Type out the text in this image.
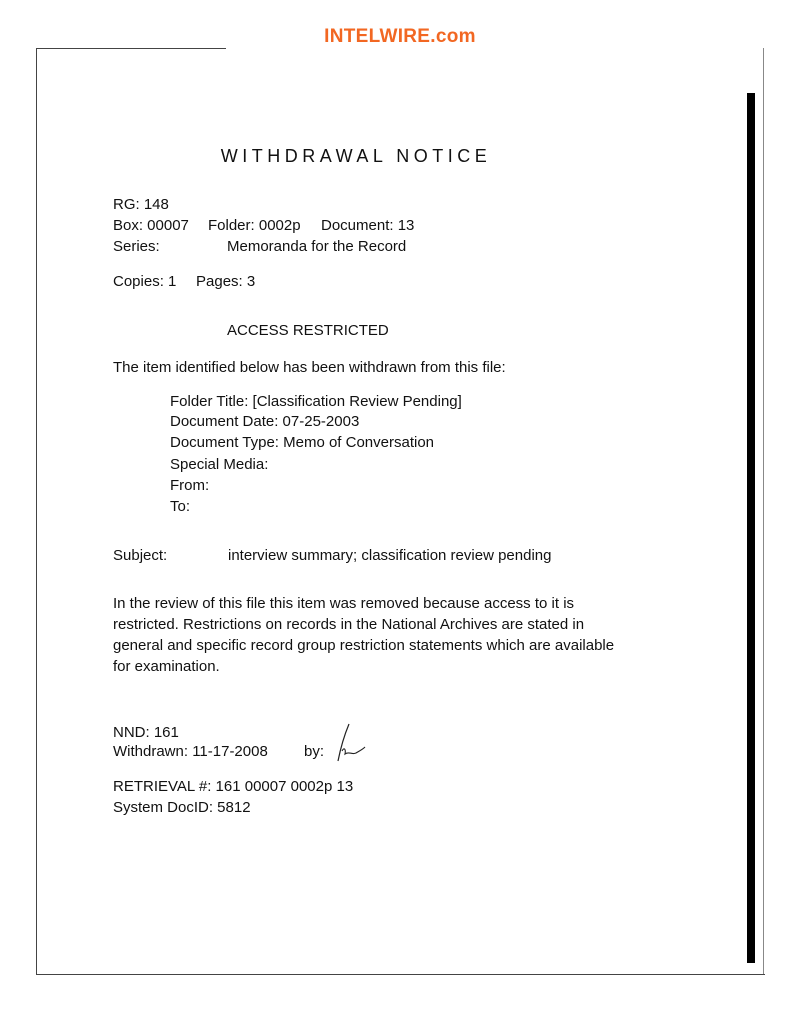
INTELWIRE.com
WITHDRAWAL NOTICE
RG: 148
Box: 00007 Folder: 0002p Document: 13
Series:	Memoranda for the Record
Copies: 1 Pages: 3
ACCESS RESTRICTED
The item identified below has been withdrawn from this file:
Folder Title: [Classification Review Pending]
Document Date: 07-25-2003
Document Type: Memo of Conversation
Special Media:
From:
To:
Subject:	interview summary; classification review pending
In the review of this file this item was removed because access to it is restricted. Restrictions on records in the National Archives are stated in general and specific record group restriction statements which are available for examination.
NND: 161
Withdrawn: 11-17-2008 by:
RETRIEVAL #: 161 00007 0002p 13
System DocID: 5812
